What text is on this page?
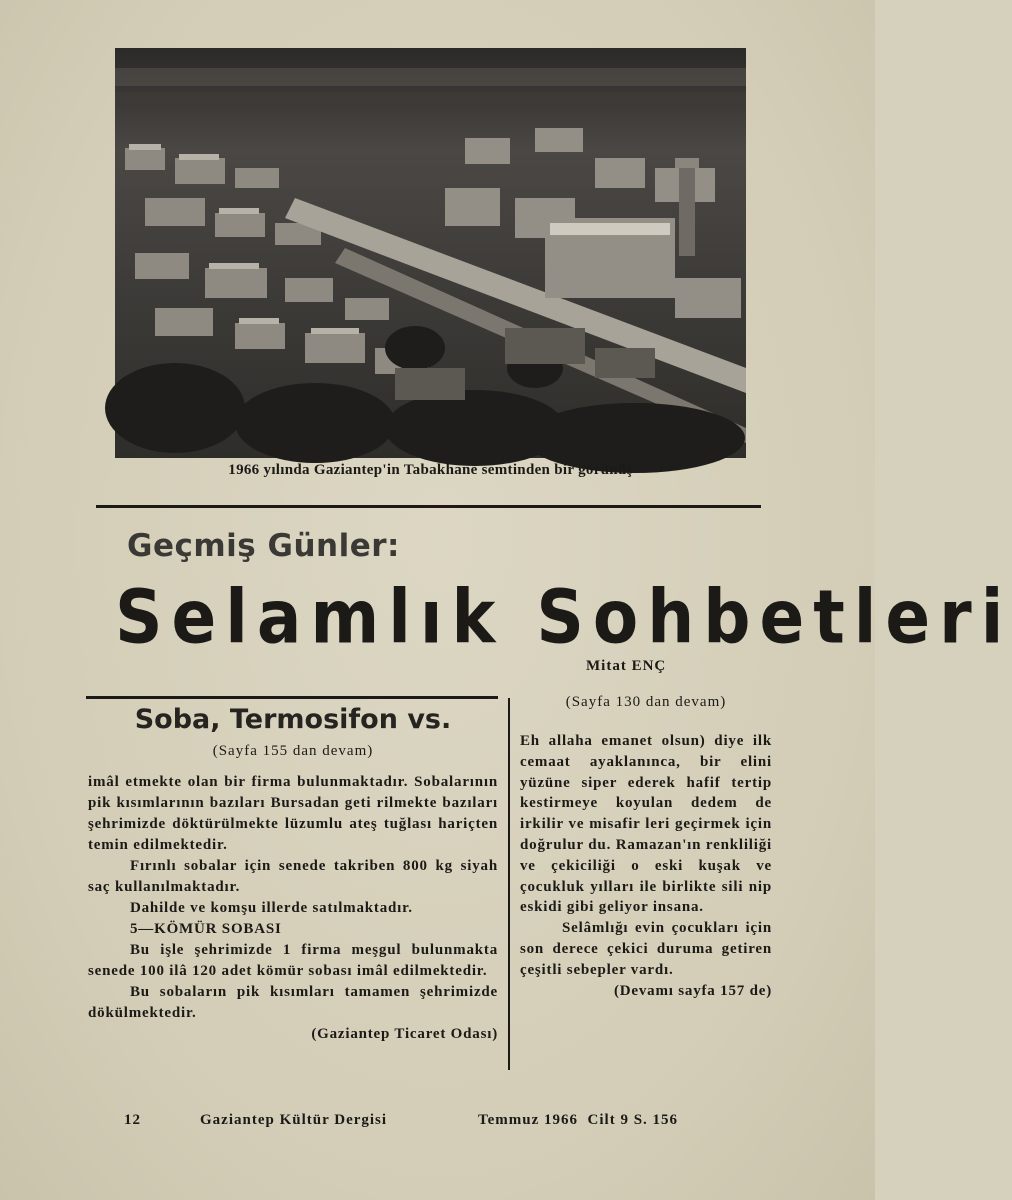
1966 yılında Gaziantep'in Tabakhane semtinden bir görünüş
Geçmiş Günler:
Selamlık Sohbetleri
Mitat ENÇ
Soba, Termosifon vs.
(Sayfa 155 dan devam)

imâl etmekte olan bir firma bulunmaktadır. Sobalarının pik kısımlarının bazıları Bursadan geti rilmekte bazıları şehrimizde döktürülmekte lüzumlu ateş tuğlası hariçten temin edilmektedir.

Fırınlı sobalar için senede takriben 800 kg siyah saç kullanılmaktadır.

Dahilde ve komşu illerde satılmaktadır.

5—KÖMÜR SOBASI

Bu işle şehrimizde 1 firma meşgul bulunmakta senede 100 ilâ 120 adet kömür sobası imâl edilmektedir.

Bu sobaların pik kısımları tamamen şehrimizde dökülmektedir.

(Gaziantep Ticaret Odası)

(Sayfa 130 dan devam)

Eh allaha emanet olsun) diye ilk cemaat ayaklanınca, bir elini yüzüne siper ederek hafif tertip kestirmeye koyulan dedem de irkilir ve misafir leri geçirmek için doğrulur du. Ramazan'ın renkliliği ve çekiciliği o eski kuşak ve çocukluk yılları ile birlikte sili nip eskidi gibi geliyor insana.

Selâmlığı evin çocukları için son derece çekici duruma getiren çeşitli sebepler vardı.

(Devamı sayfa 157 de)

12	Gaziantep Kültür Dergisi	Temmuz 1966  Cilt 9 S. 156
